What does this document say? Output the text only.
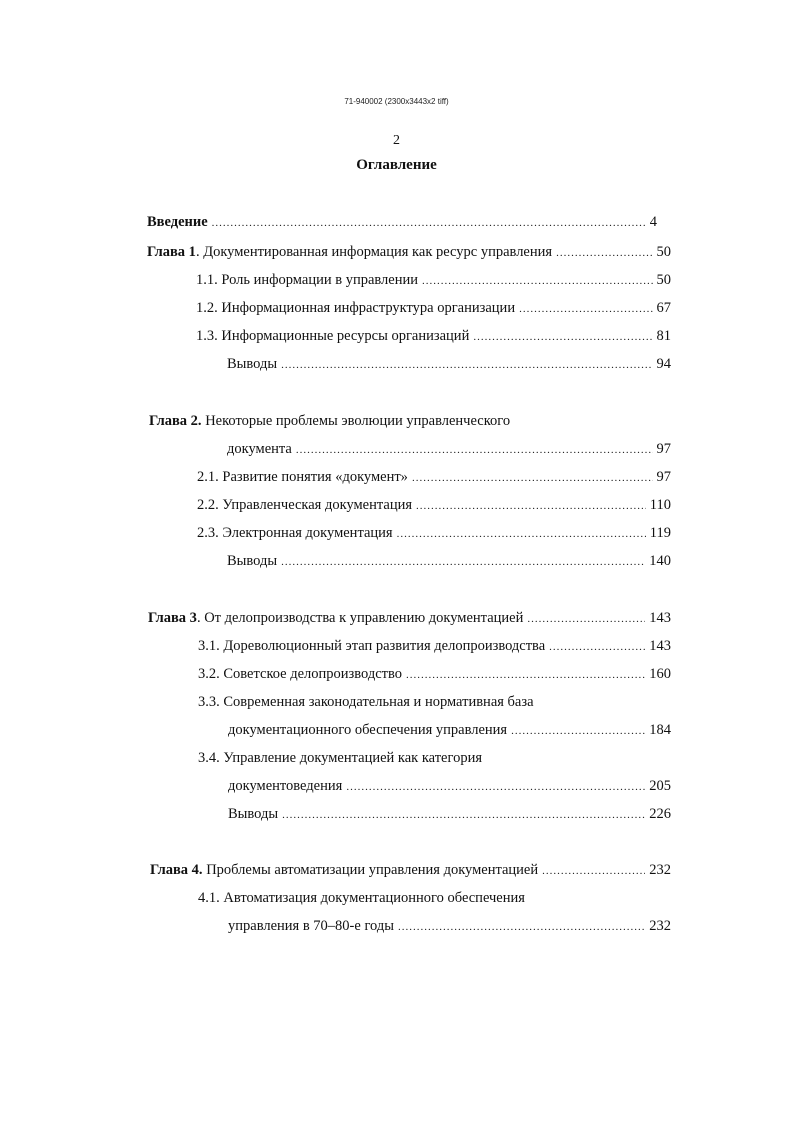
71-940002 (2300x3443x2 tiff)
2
Оглавление
Введение .....	4
Глава 1. Документированная информация как ресурс управления .....	50
1.1. Роль информации в управлении .....	50
1.2. Информационная инфраструктура организации .....	67
1.3. Информационные ресурсы организаций .....	81
Выводы .....	94
Глава 2. Некоторые проблемы эволюции управленческого
документа .....	97
2.1. Развитие понятия «документ» .....	97
2.2. Управленческая документация .....	110
2.3. Электронная документация .....	119
Выводы .....	140
Глава 3. От делопроизводства к управлению документацией .....	143
3.1. Дореволюционный этап развития делопроизводства .....	143
3.2. Советское делопроизводство .....	160
3.3. Современная законодательная и нормативная база
документационного обеспечения управления .....	184
3.4. Управление документацией как категория
документоведения .....	205
Выводы .....	226
Глава 4. Проблемы автоматизации управления документацией .....	232
4.1. Автоматизация документационного обеспечения
управления в 70–80-е годы .....	232
